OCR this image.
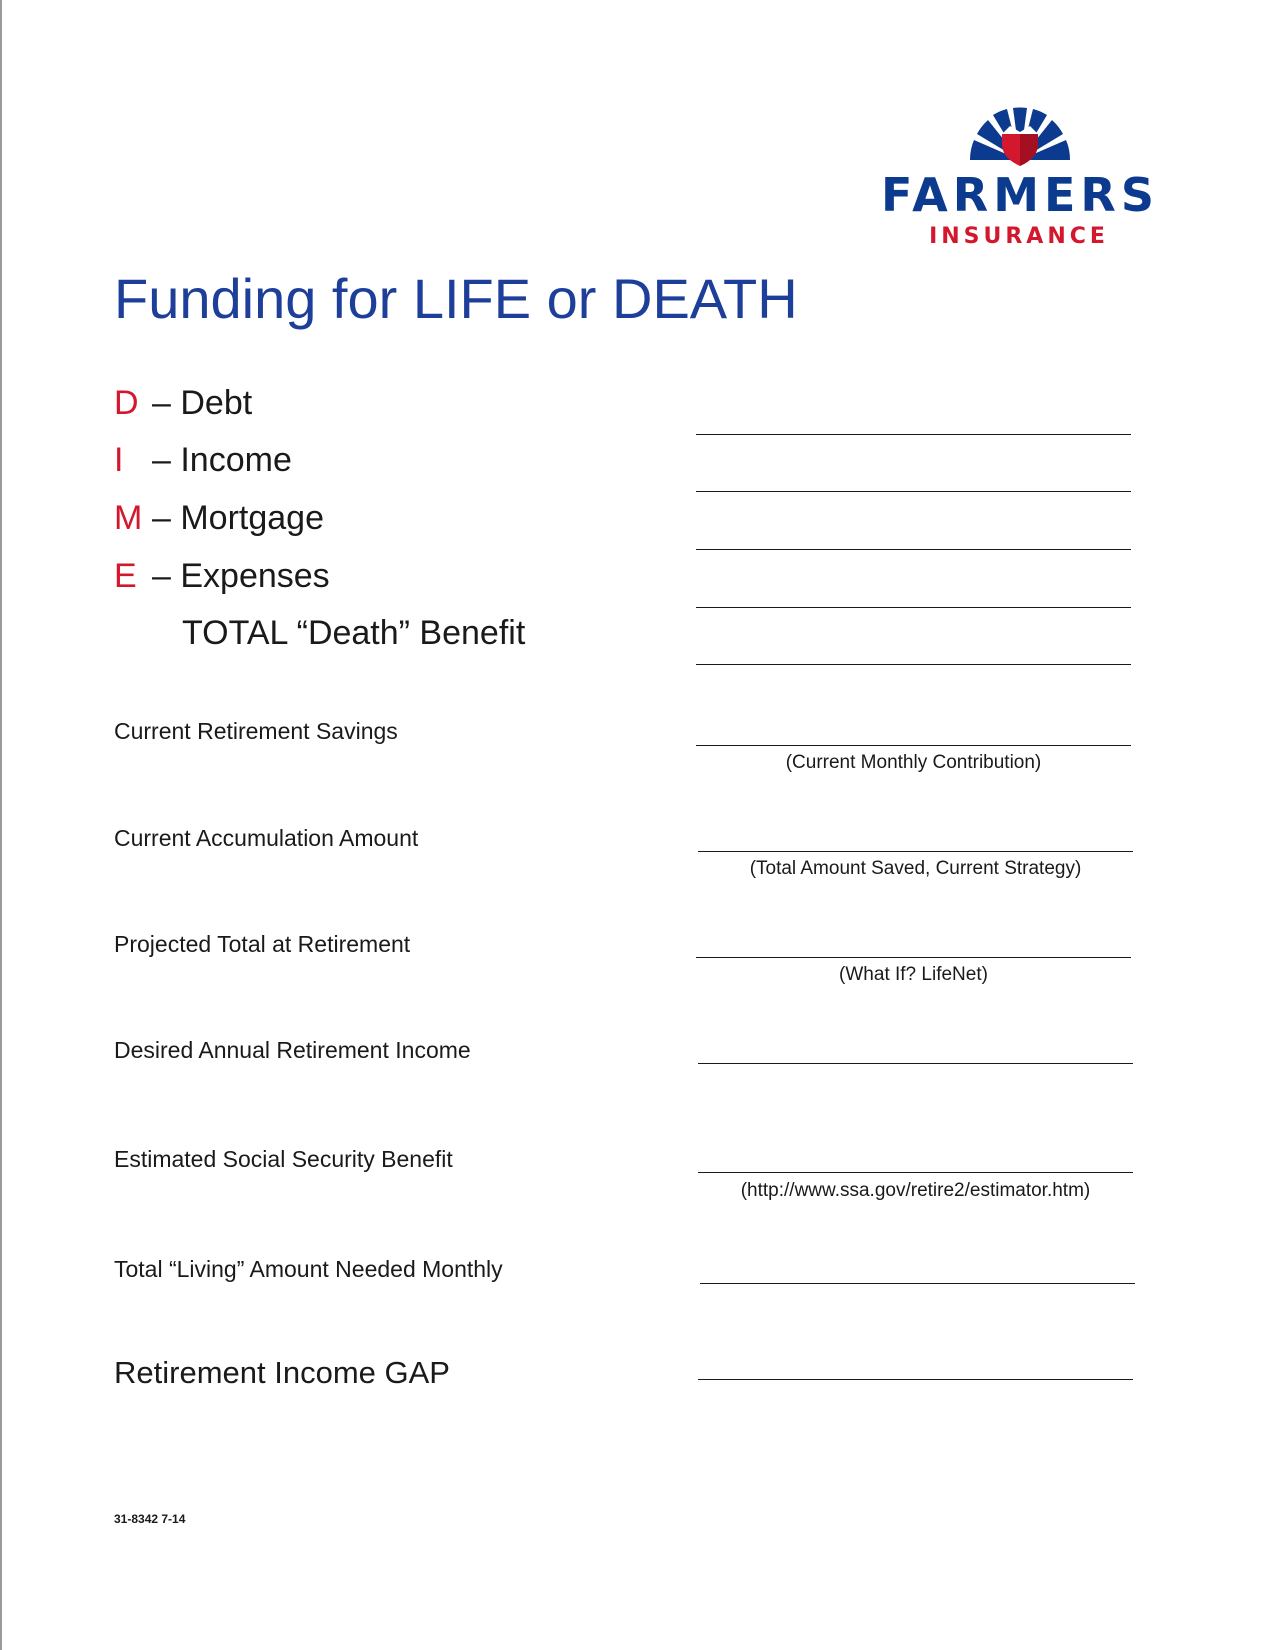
FARMERS
INSURANCE
Funding for LIFE or DEATH
D – Debt
I – Income
M – Mortgage
E – Expenses
TOTAL “Death” Benefit
Current Retirement Savings
(Current Monthly Contribution)
Current Accumulation Amount
(Total Amount Saved, Current Strategy)
Projected Total at Retirement
(What If? LifeNet)
Desired Annual Retirement Income
Estimated Social Security Benefit
(http://www.ssa.gov/retire2/estimator.htm)
Total “Living” Amount Needed Monthly
Retirement Income GAP
31-8342 7-14
